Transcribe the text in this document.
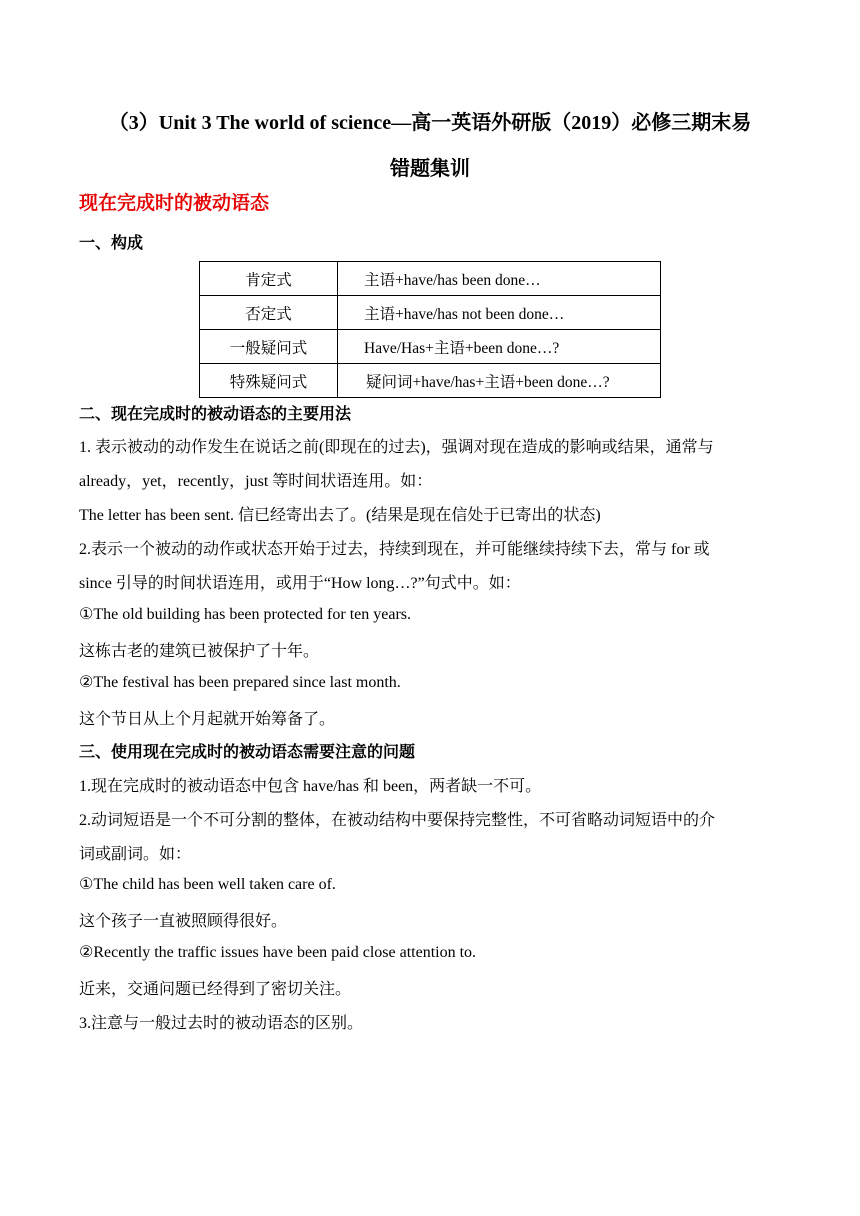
（3）Unit 3 The world of science—高一英语外研版（2019）必修三期末易
错题集训
现在完成时的被动语态
一、构成
肯定式	主语+have/has been done…
否定式	主语+have/has not been done…
一般疑问式	Have/Has+主语+been done…?
特殊疑问式	疑问词+have/has+主语+been done…?
二、现在完成时的被动语态的主要用法
1. 表示被动的动作发生在说话之前(即现在的过去)，强调对现在造成的影响或结果，通常与
already，yet，recently，just 等时间状语连用。如：
The letter has been sent. 信已经寄出去了。(结果是现在信处于已寄出的状态)
2.表示一个被动的动作或状态开始于过去，持续到现在，并可能继续持续下去，常与 for 或
since 引导的时间状语连用，或用于“How long…?”句式中。如：
①The old building has been protected for ten years.
这栋古老的建筑已被保护了十年。
②The festival has been prepared since last month.
这个节日从上个月起就开始筹备了。
三、使用现在完成时的被动语态需要注意的问题
1.现在完成时的被动语态中包含 have/has 和 been，两者缺一不可。
2.动词短语是一个不可分割的整体，在被动结构中要保持完整性，不可省略动词短语中的介
词或副词。如：
①The child has been well taken care of.
这个孩子一直被照顾得很好。
②Recently the traffic issues have been paid close attention to.
近来，交通问题已经得到了密切关注。
3.注意与一般过去时的被动语态的区别。
